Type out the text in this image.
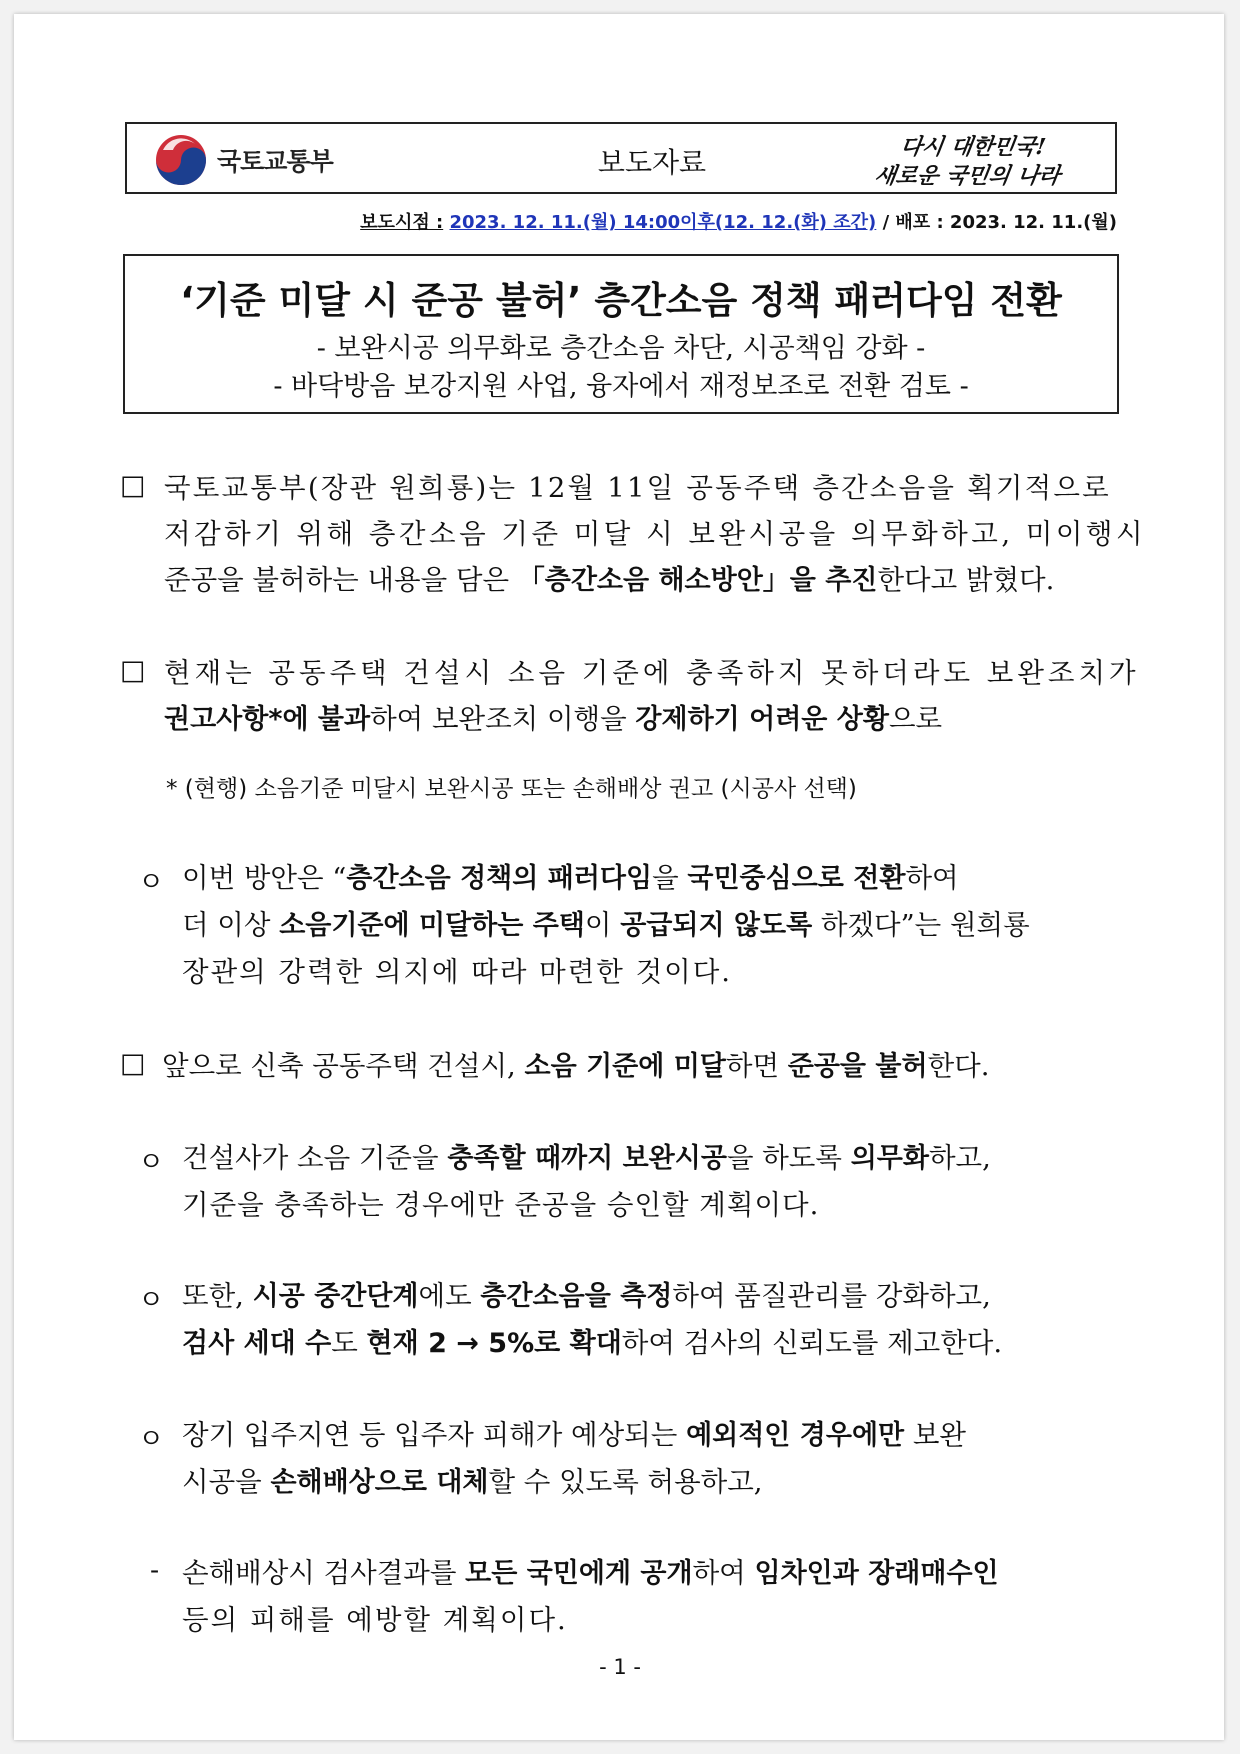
국토교통부	보도자료	다시 대한민국!
새로운 국민의 나라
보도시점 : 2023. 12. 11.(월) 14:00이후(12. 12.(화) 조간) / 배포 : 2023. 12. 11.(월)
‘기준 미달 시 준공 불허’ 층간소음 정책 패러다임 전환
- 보완시공 의무화로 층간소음 차단, 시공책임 강화 -
- 바닥방음 보강지원 사업, 융자에서 재정보조로 전환 검토 -
□ 국토교통부(장관 원희룡)는 12월 11일 공동주택 층간소음을 획기적으로
저감하기 위해 층간소음 기준 미달 시 보완시공을 의무화하고, 미이행시
준공을 불허하는 내용을 담은 「층간소음 해소방안」을 추진한다고 밝혔다.
□ 현재는 공동주택 건설시 소음 기준에 충족하지 못하더라도 보완조치가
권고사항*에 불과하여 보완조치 이행을 강제하기 어려운 상황으로
* (현행) 소음기준 미달시 보완시공 또는 손해배상 권고 (시공사 선택)
ㅇ 이번 방안은 “층간소음 정책의 패러다임을 국민중심으로 전환하여
더 이상 소음기준에 미달하는 주택이 공급되지 않도록 하겠다”는 원희룡
장관의 강력한 의지에 따라 마련한 것이다.
□ 앞으로 신축 공동주택 건설시, 소음 기준에 미달하면 준공을 불허한다.
ㅇ 건설사가 소음 기준을 충족할 때까지 보완시공을 하도록 의무화하고,
기준을 충족하는 경우에만 준공을 승인할 계획이다.
ㅇ 또한, 시공 중간단계에도 층간소음을 측정하여 품질관리를 강화하고,
검사 세대 수도 현재 2 → 5%로 확대하여 검사의 신뢰도를 제고한다.
ㅇ 장기 입주지연 등 입주자 피해가 예상되는 예외적인 경우에만 보완
시공을 손해배상으로 대체할 수 있도록 허용하고,
- 손해배상시 검사결과를 모든 국민에게 공개하여 임차인과 장래매수인
등의 피해를 예방할 계획이다.
- 1 -
